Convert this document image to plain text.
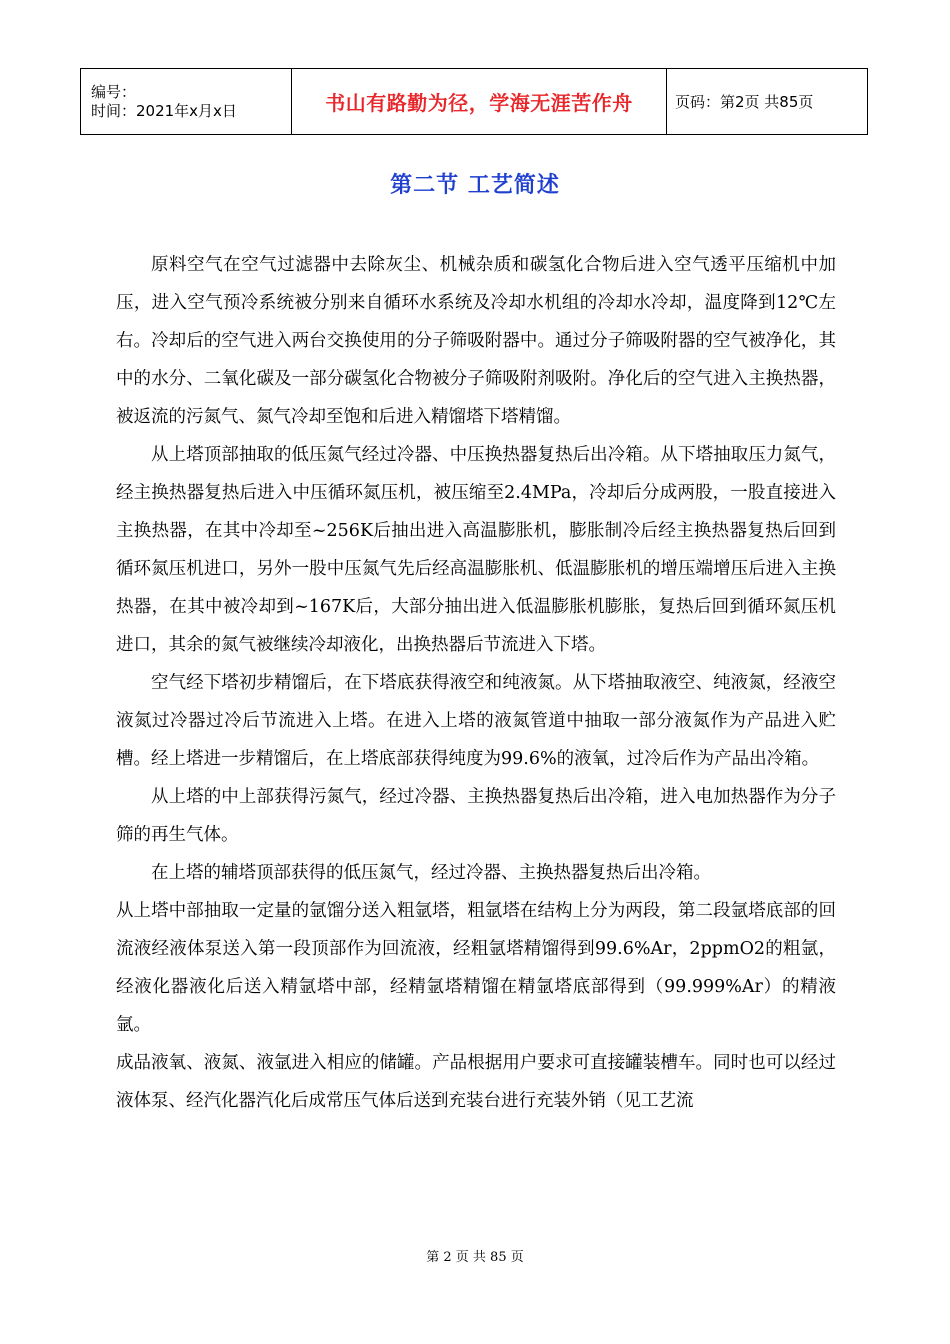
编号：
时间：2021年x月x日	书山有路勤为径，学海无涯苦作舟	页码：第2页 共85页
第二节 工艺简述

原料空气在空气过滤器中去除灰尘、机械杂质和碳氢化合物后进入空气透平压缩机中加压，进入空气预冷系统被分别来自循环水系统及冷却水机组的冷却水冷却，温度降到12℃左右。冷却后的空气进入两台交换使用的分子筛吸附器中。通过分子筛吸附器的空气被净化，其中的水分、二氧化碳及一部分碳氢化合物被分子筛吸附剂吸附。净化后的空气进入主换热器，被返流的污氮气、氮气冷却至饱和后进入精馏塔下塔精馏。

从上塔顶部抽取的低压氮气经过冷器、中压换热器复热后出冷箱。从下塔抽取压力氮气，经主换热器复热后进入中压循环氮压机，被压缩至2.4MPa，冷却后分成两股，一股直接进入主换热器，在其中冷却至~256K后抽出进入高温膨胀机，膨胀制冷后经主换热器复热后回到循环氮压机进口，另外一股中压氮气先后经高温膨胀机、低温膨胀机的增压端增压后进入主换热器，在其中被冷却到~167K后，大部分抽出进入低温膨胀机膨胀，复热后回到循环氮压机进口，其余的氮气被继续冷却液化，出换热器后节流进入下塔。

空气经下塔初步精馏后，在下塔底获得液空和纯液氮。从下塔抽取液空、纯液氮，经液空液氮过冷器过冷后节流进入上塔。在进入上塔的液氮管道中抽取一部分液氮作为产品进入贮槽。经上塔进一步精馏后，在上塔底部获得纯度为99.6%的液氧，过冷后作为产品出冷箱。

从上塔的中上部获得污氮气，经过冷器、主换热器复热后出冷箱，进入电加热器作为分子筛的再生气体。

在上塔的辅塔顶部获得的低压氮气，经过冷器、主换热器复热后出冷箱。

从上塔中部抽取一定量的氩馏分送入粗氩塔，粗氩塔在结构上分为两段，第二段氩塔底部的回流液经液体泵送入第一段顶部作为回流液，经粗氩塔精馏得到99.6%Ar，2ppmO2的粗氩，经液化器液化后送入精氩塔中部，经精氩塔精馏在精氩塔底部得到（99.999%Ar）的精液氩。

成品液氧、液氮、液氩进入相应的储罐。产品根据用户要求可直接罐装槽车。同时也可以经过液体泵、经汽化器汽化后成常压气体后送到充装台进行充装外销（见工艺流

第 2 页 共 85 页
